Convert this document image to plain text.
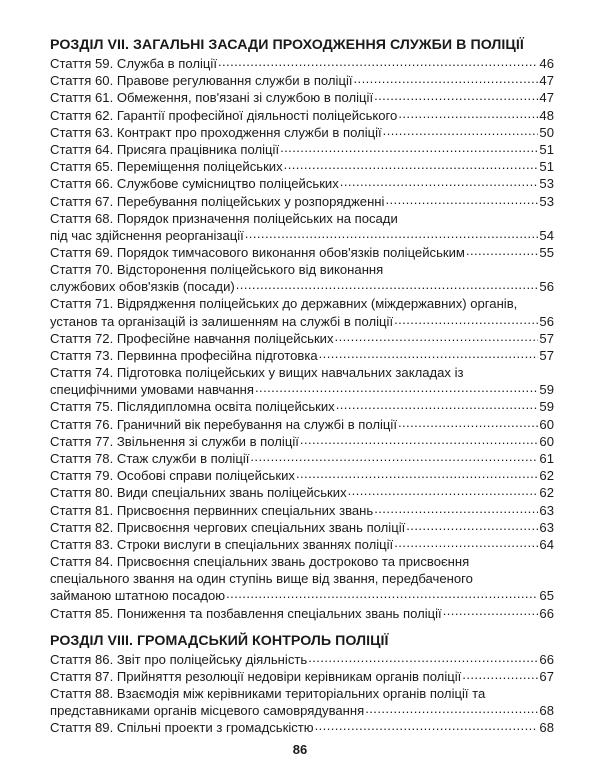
РОЗДІЛ VII. ЗАГАЛЬНІ ЗАСАДИ ПРОХОДЖЕННЯ СЛУЖБИ В ПОЛІЦІЇ
Стаття 59. Служба в поліції .....	46
Стаття 60. Правове регулювання служби в поліції .....	47
Стаття 61. Обмеження, пов'язані зі службою в поліції .....	47
Стаття 62. Гарантії професійної діяльності поліцейського .....	48
Стаття 63. Контракт про проходження служби в поліції .....	50
Стаття 64. Присяга працівника поліції .....	51
Стаття 65. Переміщення поліцейських .....	51
Стаття 66. Службове сумісництво поліцейських .....	53
Стаття 67. Перебування поліцейських у розпорядженні .....	53
Стаття 68. Порядок призначення поліцейських на посади
під час здійснення реорганізації .....	54
Стаття 69. Порядок тимчасового виконання обов'язків поліцейським .....	55
Стаття 70. Відсторонення поліцейського від виконання
службових обов'язків (посади) .....	56
Стаття 71. Відрядження поліцейських до державних (міждержавних) органів,
установ та організацій із залишенням на службі в поліції .....	56
Стаття 72. Професійне навчання поліцейських .....	57
Стаття 73. Первинна професійна підготовка .....	57
Стаття 74. Підготовка поліцейських у вищих навчальних закладах із
специфічними умовами навчання .....	59
Стаття 75. Післядипломна освіта поліцейських .....	59
Стаття 76. Граничний вік перебування на службі в поліції .....	60
Стаття 77. Звільнення зі служби в поліції .....	60
Стаття 78. Стаж служби в поліції .....	61
Стаття 79. Особові справи поліцейських .....	62
Стаття 80. Види спеціальних звань поліцейських .....	62
Стаття 81. Присвоєння первинних спеціальних звань .....	63
Стаття 82. Присвоєння чергових спеціальних звань поліції .....	63
Стаття 83. Строки вислуги в спеціальних званнях поліції .....	64
Стаття 84. Присвоєння спеціальних звань достроково та присвоєння
спеціального звання на один ступінь вище від звання, передбаченого
займаною штатною посадою .....	65
Стаття 85. Пониження та позбавлення спеціальних звань поліції .....	66
РОЗДІЛ VIII. ГРОМАДСЬКИЙ КОНТРОЛЬ ПОЛІЦІЇ
Стаття 86. Звіт про поліцейську діяльність .....	66
Стаття 87. Прийняття резолюції недовіри керівникам органів поліції .....	67
Стаття 88. Взаємодія між керівниками територіальних органів поліції та
представниками органів місцевого самоврядування .....	68
Стаття 89. Спільні проекти з громадськістю .....	68
86
